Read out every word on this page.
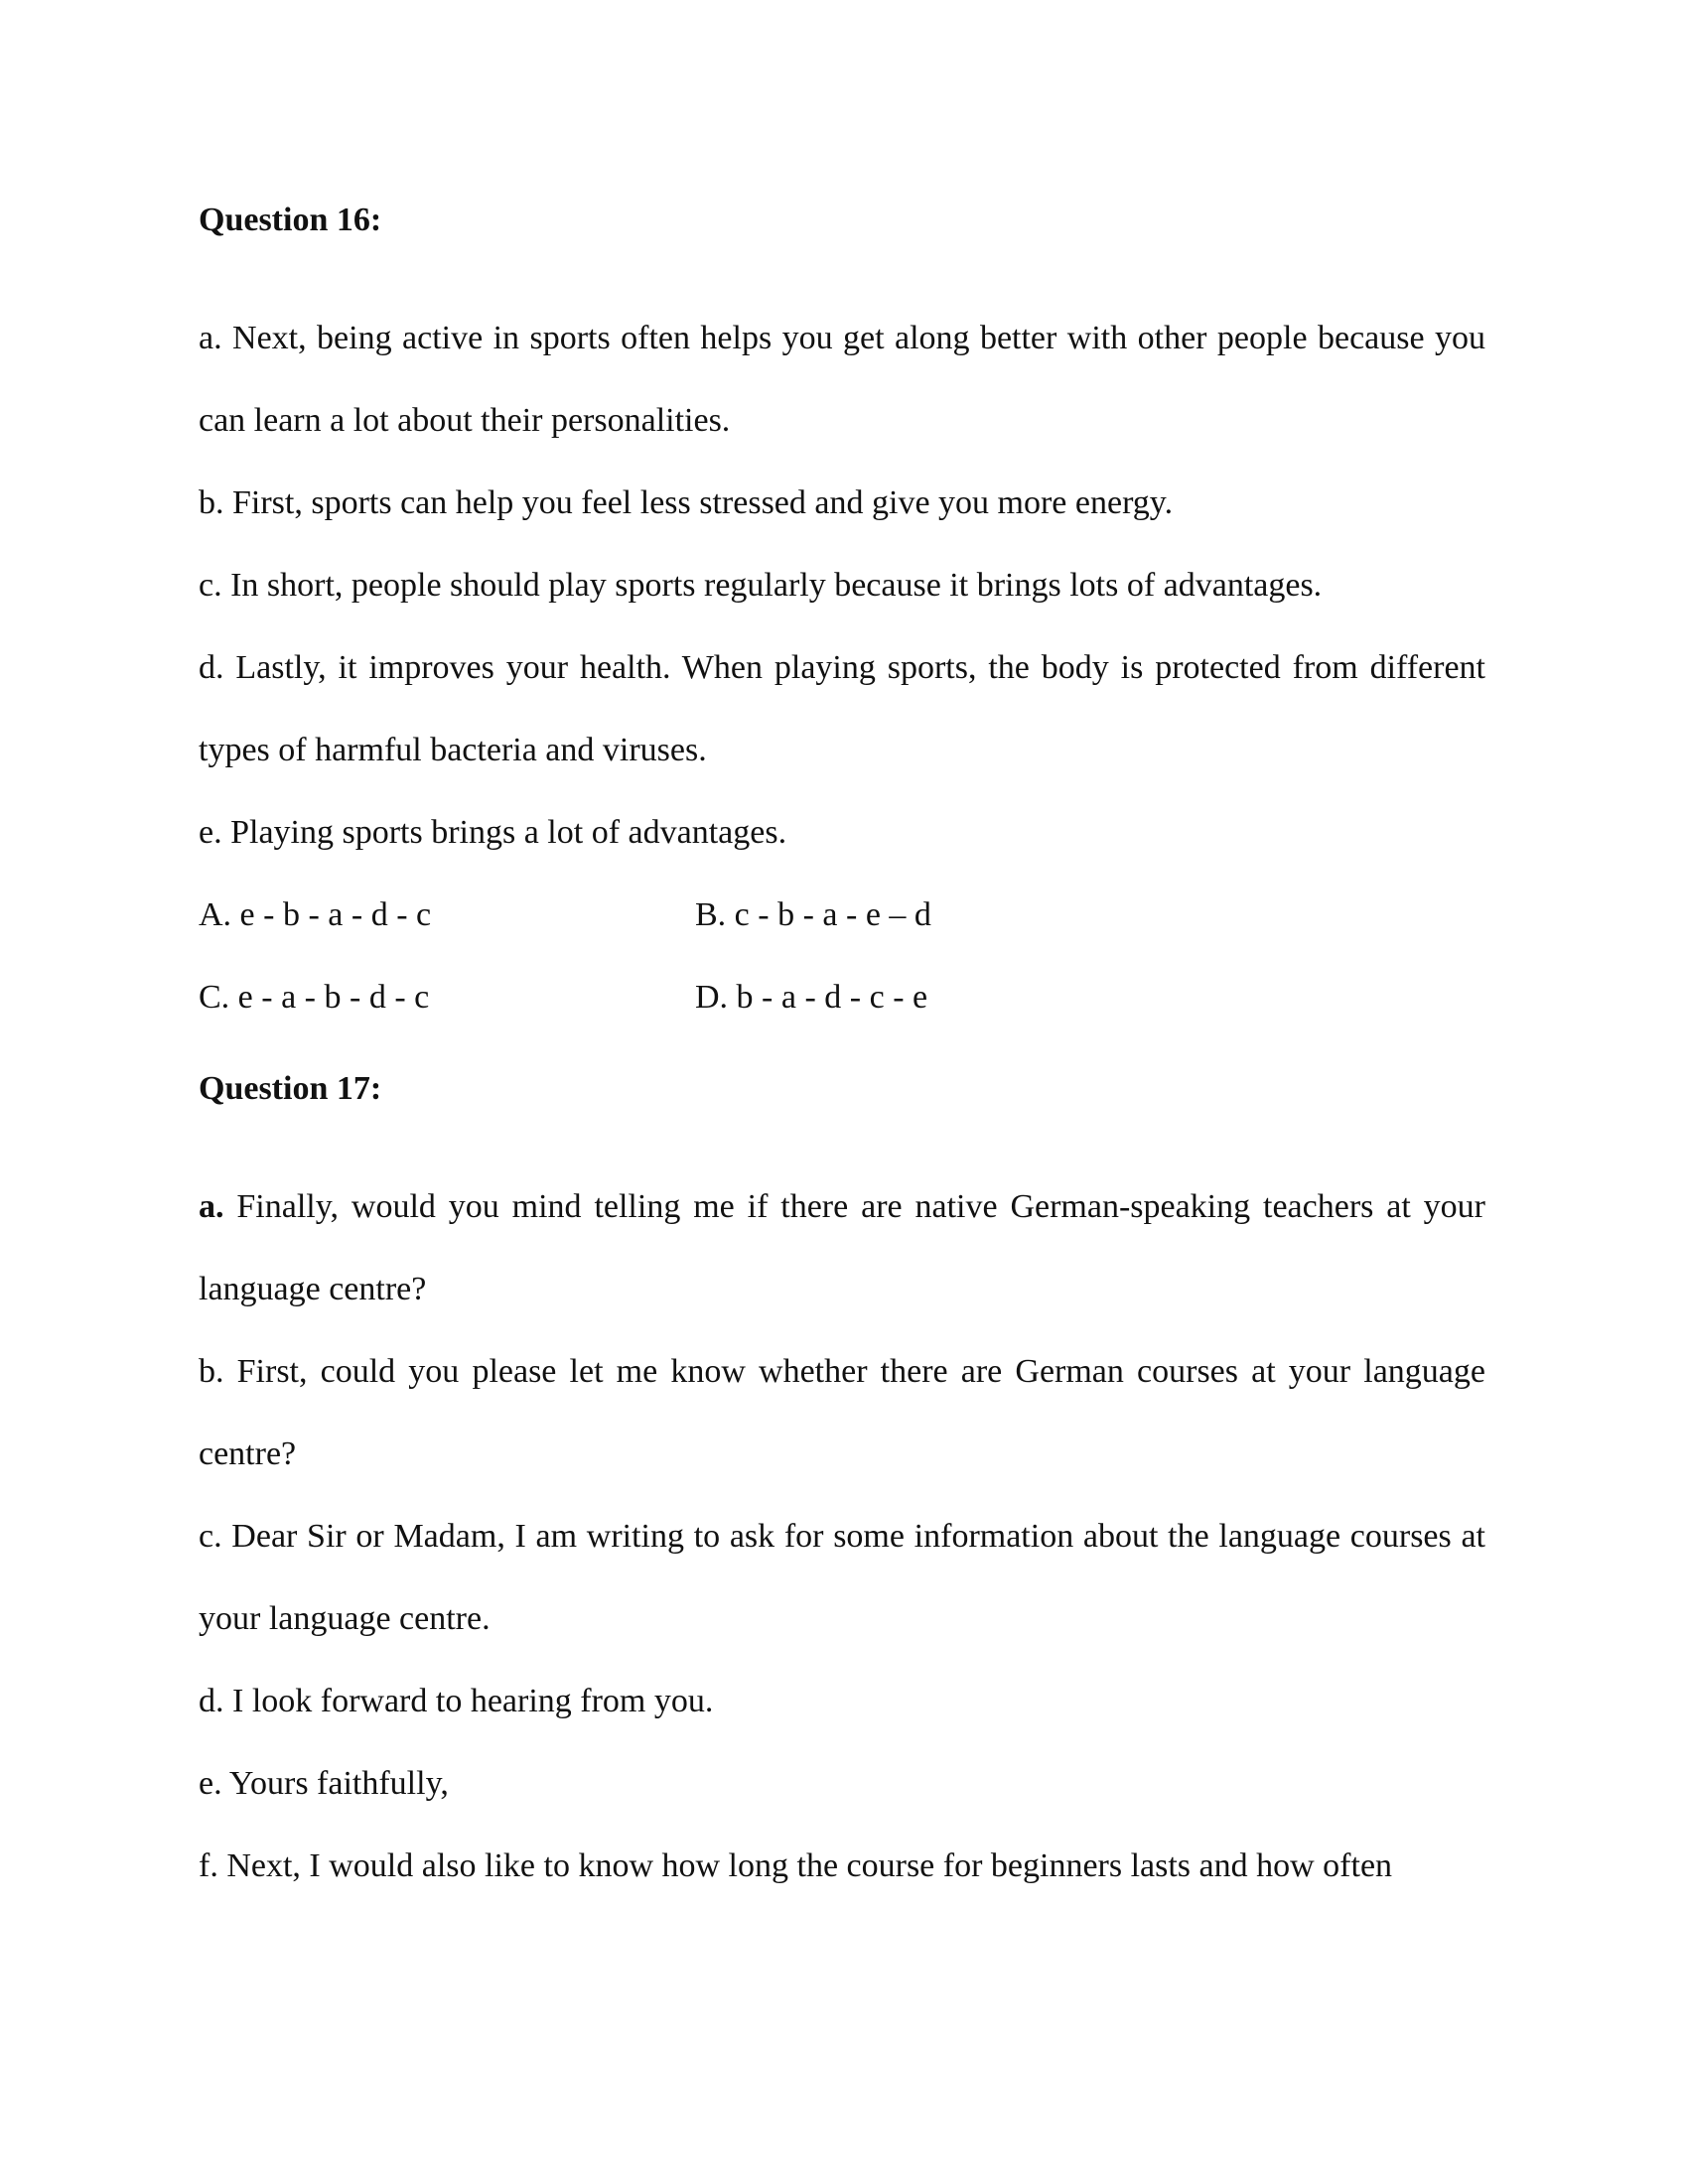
Question 16:

a. Next, being active in sports often helps you get along better with other people because you can learn a lot about their personalities.

b. First, sports can help you feel less stressed and give you more energy.

c. In short, people should play sports regularly because it brings lots of advantages.

d. Lastly, it improves your health. When playing sports, the body is protected from different types of harmful bacteria and viruses.

e. Playing sports brings a lot of advantages.

A. e - b - a - d - c	B. c - b - a - e – d
C. e - a - b - d - c	D. b - a - d - c - e
Question 17:

a. Finally, would you mind telling me if there are native German-speaking teachers at your language centre?

b. First, could you please let me know whether there are German courses at your language centre?

c. Dear Sir or Madam, I am writing to ask for some information about the language courses at your language centre.

d. I look forward to hearing from you.

e. Yours faithfully,

f. Next, I would also like to know how long the course for beginners lasts and how often
